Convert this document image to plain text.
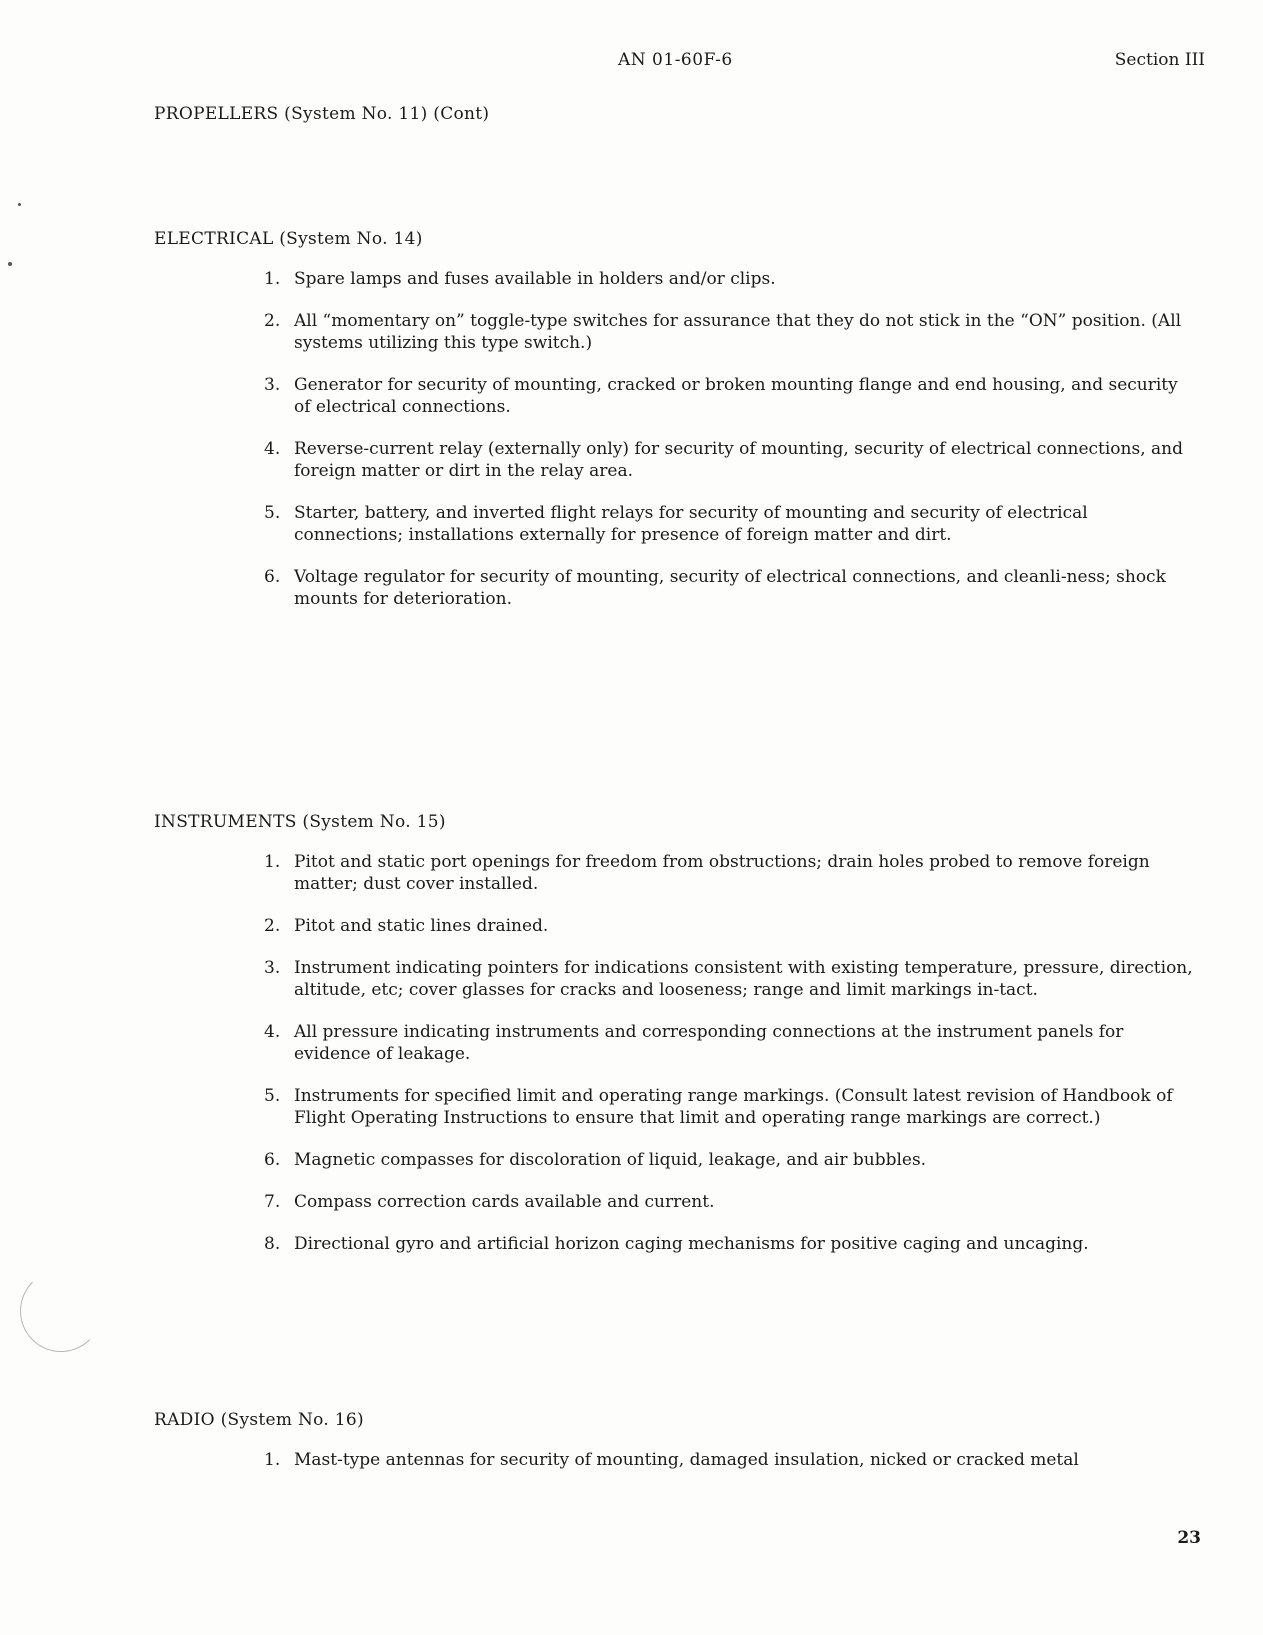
AN 01-60F-6	Section III
PROPELLERS (System No. 11) (Cont)
ELECTRICAL (System No. 14)
1. Spare lamps and fuses available in holders and/or clips.
2. All “momentary on” toggle-type switches for assurance that they do not stick in the “ON” position. (All systems utilizing this type switch.)
3. Generator for security of mounting, cracked or broken mounting flange and end housing, and security of electrical connections.
4. Reverse-current relay (externally only) for security of mounting, security of electrical connections, and foreign matter or dirt in the relay area.
5. Starter, battery, and inverted flight relays for security of mounting and security of electrical connections; installations externally for presence of foreign matter and dirt.
6. Voltage regulator for security of mounting, security of electrical connections, and cleanli-ness; shock mounts for deterioration.
INSTRUMENTS (System No. 15)
1. Pitot and static port openings for freedom from obstructions; drain holes probed to remove foreign matter; dust cover installed.
2. Pitot and static lines drained.
3. Instrument indicating pointers for indications consistent with existing temperature, pressure, direction, altitude, etc; cover glasses for cracks and looseness; range and limit markings in-tact.
4. All pressure indicating instruments and corresponding connections at the instrument panels for evidence of leakage.
5. Instruments for specified limit and operating range markings. (Consult latest revision of Handbook of Flight Operating Instructions to ensure that limit and operating range markings are correct.)
6. Magnetic compasses for discoloration of liquid, leakage, and air bubbles.
7. Compass correction cards available and current.
8. Directional gyro and artificial horizon caging mechanisms for positive caging and uncaging.
RADIO (System No. 16)
1. Mast-type antennas for security of mounting, damaged insulation, nicked or cracked metal
23
